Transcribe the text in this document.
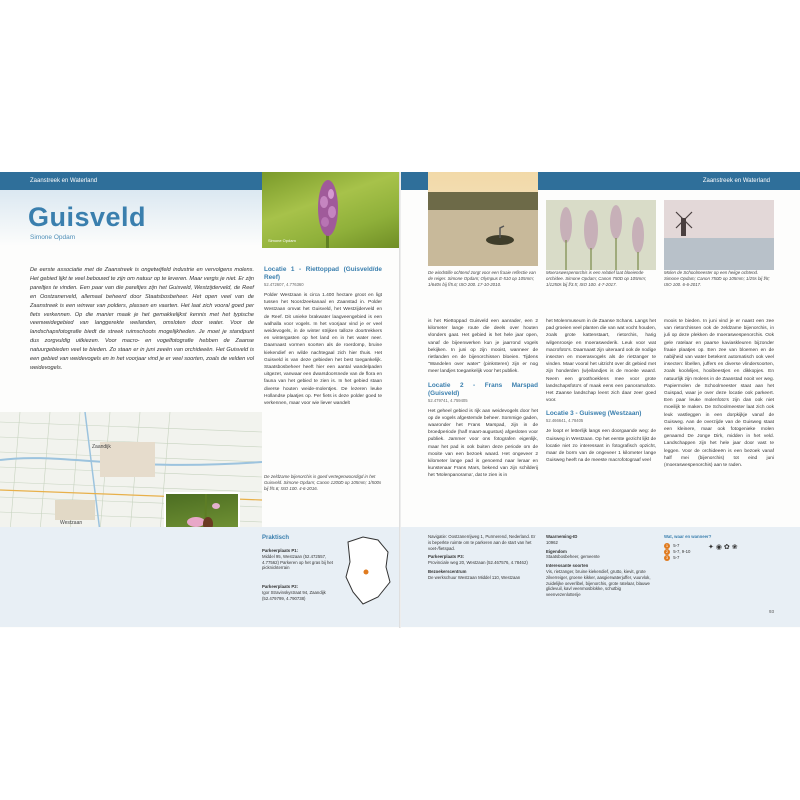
Zaanstreek en Waterland
Guisveld
Simone Opdam	Simone Opdam
De eerste associatie met de Zaanstreek is ongetwijfeld industrie en vervolgens molens. Het gebied lijkt te veel bebouwd te zijn om natuur op te leveren. Maar vergis je niet. Er zijn pareltjes te vinden. Een paar van die pareltjes zijn het Guisveld, Westzijderveld, de Reef en Oostzanerveld, allemaal beheerd door Staatsbosbeheer. Het open veel van de Zaanstreek is een winwar van polders, plassen en vaarten. Het laat zich vooral goed per fiets verkennen. Op die manier maak je het gemakkelijkst kennis met het typische veenweidegebied van langgerekte weilanden, omsloten door water. Voor de landschapsfotografie biedt de streek ruimschoots mogelijkheden. Je moet je standpunt dus zorgvuldig uitkiezen. Voor macro- en vogelfotografie hebben de Zaanse natuurgebieden veel te bieden. Zo staan er in juni zeeën van orchideeën. Het Guisveld is een gebied van weidevogels en in het voorjaar vind je er veel soorten, zoals de velden vol weidevogels.
Zaandijk
Westzaan
De zeldzame bijenorchis is goed vertegenwoordigd in het Guisveld. Simone Opdam; Canon 1200D op 105mm; 1/500s bij f/5.6; ISO 100. 4-6-2016.
Locatie 1 - Riettoppad (Guisveld/de Reef)
52.472607, 4.776360
Polder Westzaan is circa 1.400 hectare groot en ligt tussen het Noordzeekanaal en Zaanstad in. Polder Westzaan omvat het Guisveld, het Westzijderveld en de Reef. Dit unieke brakwater laagveengebied is een walhalla voor vogels. In het voorjaar vind je er veel weidevogels, in de winter strijken talloze doortrekkers en wintergasten op het land en in het water neer. Daarnaast vormen soorten als de roerdomp, bruine kiekendief en wilde nachtegaal zich hier thuis. Het Guisveld is van deze gebieden het best toegankelijk. Staatsbosbeheer heeft hier een aantal wandelpaden uitgezet, vanwaar een dwarsdoorsnede van de flora en fauna van het gebied te zien is. In het gebied staan diverse houten weide-molentjes. De lezeren leuke Hollandse plaatjes op. Per fiets is deze polder goed te verkennen, maar voor wie liever wandelt
Praktisch
Parkeerplaats P1:
Middel 95, Westzaan (52.472557, 4.77562) Parkeren op het gras bij het picknickterrain
Parkeerplaats P2:
Igor Stravinskystraat 94, Zaandijk (52.479799, 4.790738)
Zaanstreek en Waterland
De windstille ochtend zorgt voor een fraaie reflectie van de reiger. Simone Opdam; Olympus E-510 op 105mm; 1/640s bij f/5.6; ISO 200. 17-10-2010.
Moeraswespenorchis is een relatief laat bloeiende orchidee. Simone Opdam; Canon 750D op 105mm; 1/1250s bij f/3.5; ISO 100. 4-7-2017.
Molen de Schoolmeester op een heiige ochtend. Simone Opdam; Canon 750D op 105mm; 1/25s bij f/8; ISO 100. 6-6-2017.
is het Riettoppad Guisveld een aanrader, een 2 kilometer lange route die deels over houten vlonders gaat. Het gebied is het hele jaar open, vanaf de bijeenwerken kun je jaarrond vogels bekijken. In juni op zijn mooist, wanneer de rietlanden en de bijenorchissen bloeien. Tijdens "Wandelen over water" (pinksteren) zijn er nog meer landjes toegankelijk voor het publiek.
Locatie 2 - Frans Marspad (Guisveld)
52.479741, 4.759405
Het geheel gebied is rijk aan weidevogels door het op de vogels afgestemde beheer. Sommige gaden, waaronder het Frans Marspad, zijn in de broedperiode (half maart-augustus) afgesloten voor publiek. Jammer voor ons fotografen eigenlijk, maar het pad is ook buiten deze periode om de mooite van een bezoek waard. Het ongeveer 2 kilometer lange pad is genoemd naar leraar en kunstenaar Frans Mars, bekend van zijn schilderij het 'Molenpanorama', dat te zien is in
het Molenmuseum in de Zaanse Schans. Langs het pad groeien veel planten die van wat vocht houden, zoals grote kattenstaart, rietorchis, harig wilgenroosje en moeraswederik. Leuk voor wat macrofoto's. Daarnaast zijn uiteraard ook de nodige insecten en moerasvogels als de rietzanger te vinden. Maar vooral het uitzicht over dit gebied met zijn honderden (w)eilandjes is de moeite waard. Neem een groothoeklens mee voor grote landschapsfoto's of maak eens een panoramafoto. Het Zaanse landschap leent zich daar zeer goed voor.
Locatie 3 - Guisweg (Westzaan)
52.466641, 4.78405
Je loopt er letterlijk langs een doorgaande weg: de Guisweg in Westzaan. Op het eerste gezicht lijkt de locatie niet zo interessant in fotografisch opzicht, maar de borm van de ongeveer 1 kilometer lange Guisweg heeft na de meeste macrofotograaf veel
moois te bieden. In juni vind je er naast een zee van rietorchissen ook de zeldzame bijenorchis, in juli op deze plekken de moeraswespenorchis. Ook gele ratelaar en paarse kaviaskleuren bijzonder fraaie plaatjes op. Een zee van bloemen en de nabijheid van water betekent automatisch ook veel insecten: libellen, juffers en diverse vlindersoorten, zoals koolvlijes, hooibeestjes en dikkopjes. En natuurlijk zijn molens in de Zaanstad nooit ver weg. Papiermolen de Schoolmeester staat aan het Guispad, waar je over deze locatie ook parkeert. Een paar leuke molenfoto's zijn dan ook niet moeilijk te maken. De Schoolmeester laat zich ook leuk vastleggen in een dorpkijkje vanaf de Guisweg. Aan de overzijde van de Guisweg staat een kleinere, maar ook fotogenieke molen genaamd De Jonge Dirk, midden in het veld. Landschappen zijn het hele jaar door vast te leggen. Voor de orchideeën is een bezoek vanaf half mei (bijenorchis) tot eind juni (moeraswespenorchis) aan te raden.
Navigatie: Oostzanerrijweg 1, Purmerend, Nederland. Er is beperkte ruimte om te parkeren aan de start van het voet-/fietspad.
Parkeerplaats P3:
Provinciale weg 20, Westzaan (52.467576, 4.78462)
Bezoekerscentrum
De werkschuur Westzaan Middel 110, Westzaan
Waarneming-ID
10962
Eigendom
Staatsbosbeheer, gemeente
Interessante soorten
Vis, rietzanger, bruine kiekendief, grutto, kievit, grote zilverreiger, groene kikker, aasgierwaterjuffer, vuurvlok, zuidelijke oeverlibel, bijenorchis, grote ratelaar, blauwe glidevuil, kavl veenmosblokke, schutbig veenvezenlotterije
Wat, waar en wanneer?
1 5-7
2 5-7, 9-10
3 5-7
✦ ◉ ✿ ❀
93
